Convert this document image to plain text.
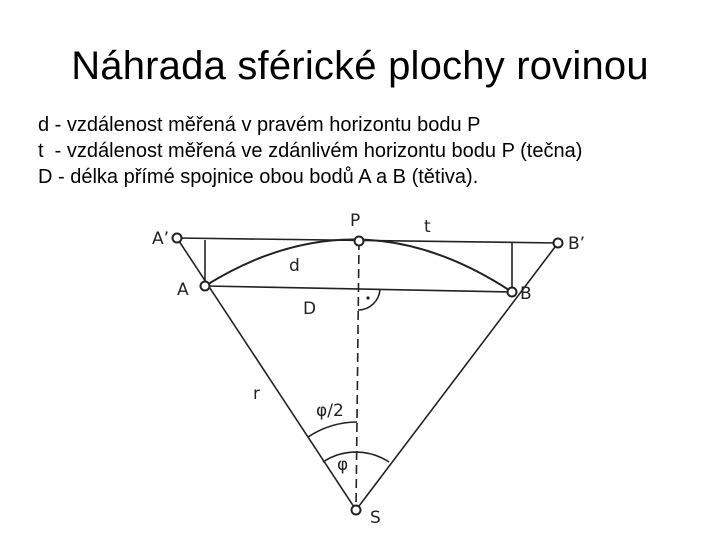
Náhrada sférické plochy rovinou
d - vzdálenost měřená v pravém horizontu bodu P
t  - vzdálenost měřená ve zdánlivém horizontu bodu P (tečna)
D - délka přímé spojnice obou bodů A a B (tětiva).
A’
P	t
B’
d
A	B
D
r
φ/2
φ
S
